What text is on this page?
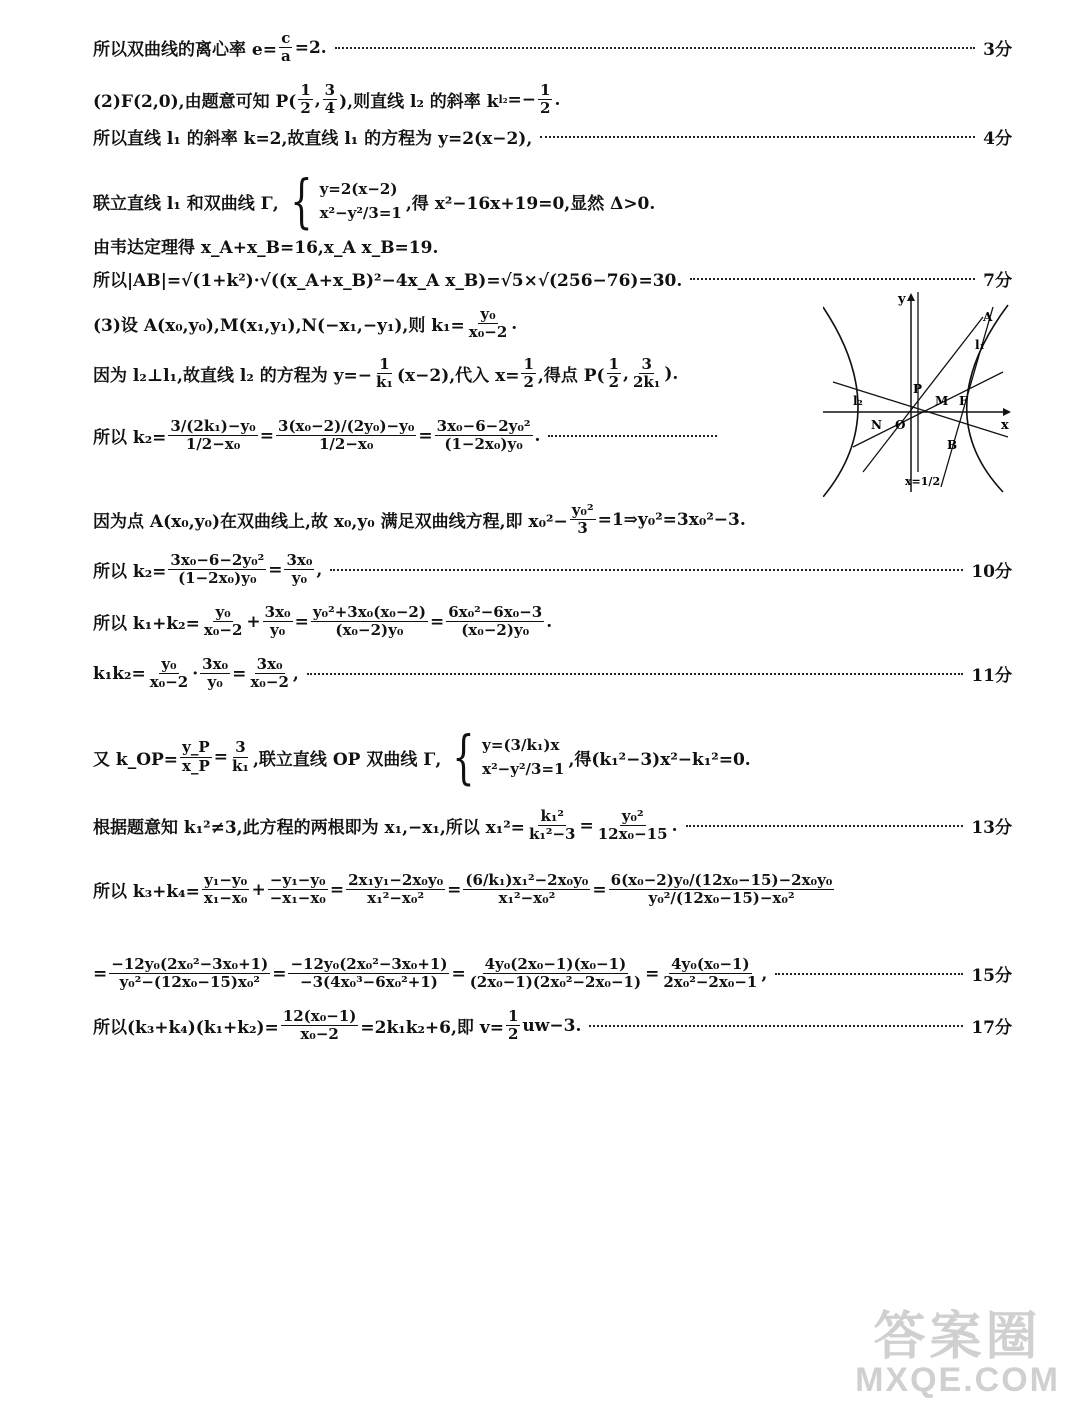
所以双曲线的离心率 $e= \frac{c}{a} =2$.	3分
(2)F(2,0),由题意可知 $P( \frac{1}{2}$ , $\frac{3}{4}$ ),则直线 l₂ 的斜率 k $l_2 =- \frac{1}{2}$ .
所以直线 l₁ 的斜率 k=2,故直线 l₁ 的方程为 y=2(x−2),	4分
联立直线 l₁ 和双曲线 Γ, { y=2(x−2)
x²−y²/3=1 ,得 x²−16x+19=0,显然 Δ>0.
由韦达定理得 x_A+x_B=16,x_A x_B=19.
所以|AB|=√(1+k²)·√((x_A+x_B)²−4x_A x_B)=√5×√(256−76)=30.	7分
(3)设 A(x₀,y₀),M(x₁,y₁),N(−x₁,−y₁),则 $k_1= \frac{\text{y₀}}{\text{x₀−2}}$ .
因为 l₂⊥l₁,故直线 l₂ 的方程为 $y=- \frac{1}{\text{k₁}} (x-2)$,代入 $x= \frac{1}{2}$ ,得点 $P( \frac{1}{2}$ , $\frac{3}{\text{2k₁}}$ ).
所以 $k_2= \frac{\text{3/(2k₁)−y₀}}{\text{1/2−x₀}} = \frac{\text{3(x₀−2)/(2y₀)−y₀}}{\text{1/2−x₀}} = \frac{\text{3x₀−6−2y₀²}}{\text{(1−2x₀)y₀}}$ .
因为点 A(x₀,y₀)在双曲线上,故 x₀,y₀ 满足双曲线方程,即 $x_0^2- \frac{\text{y₀²}}{3}$ =1⇒y₀²=3x₀²−3.
所以 $k_2= \frac{\text{3x₀−6−2y₀²}}{\text{(1−2x₀)y₀}} = \frac{\text{3x₀}}{\text{y₀}}$ ,	10分
所以 $k_1+k_2= \frac{\text{y₀}}{\text{x₀−2}} + \frac{\text{3x₀}}{\text{y₀}} = \frac{\text{y₀²+3x₀(x₀−2)}}{\text{(x₀−2)y₀}} = \frac{\text{6x₀²−6x₀−3}}{\text{(x₀−2)y₀}}$ .
$k_1k_2= \frac{\text{y₀}}{\text{x₀−2}} \cdot \frac{\text{3x₀}}{\text{y₀}} = \frac{\text{3x₀}}{\text{x₀−2}}$ ,	11分
又 k_OP= $\frac{y\_P}{x\_P} = \frac{3}{\text{k₁}}$ ,联立直线 OP 双曲线 Γ, { y=(3/k₁)x
x²−y²/3=1 ,得(k₁²−3)x²−k₁²=0.
根据题意知 k₁²≠3,此方程的两根即为 x₁,−x₁,所以 $x_1^2= \frac{\text{k₁²}}{\text{k₁²−3}} = \frac{\text{y₀²}}{\text{12x₀−15}}$ .	13分
所以 $k_3+k_4= \frac{\text{y₁−y₀}}{\text{x₁−x₀}} + \frac{\text{−y₁−y₀}}{\text{−x₁−x₀}} = \frac{\text{2x₁y₁−2x₀y₀}}{\text{x₁²−x₀²}} = \frac{\text{(6/k₁)x₁²−2x₀y₀}}{\text{x₁²−x₀²}} = \frac{\text{6(x₀−2)y₀/(12x₀−15)−2x₀y₀}}{\text{y₀²/(12x₀−15)−x₀²}}$
= $\frac{\text{−12y₀(2x₀²−3x₀+1)}}{\text{y₀²−(12x₀−15)x₀²}} = \frac{\text{−12y₀(2x₀²−3x₀+1)}}{\text{−3(4x₀³−6x₀²+1)}} = \frac{\text{4y₀(2x₀−1)(x₀−1)}}{\text{(2x₀−1)(2x₀²−2x₀−1)}} = \frac{\text{4y₀(x₀−1)}}{\text{2x₀²−2x₀−1}}$ ,	15分
所以$(k_3+k_4)(k_1+k_2)= \frac{\text{12(x₀−1)}}{\text{x₀−2}} =2k_1k_2+6$,即 $v= \frac{1}{2} uw-3$.	17分
y
x
A
l₁
P
M F
l₂
N O
B
x=1/2
答案圈
MXQE.COM
